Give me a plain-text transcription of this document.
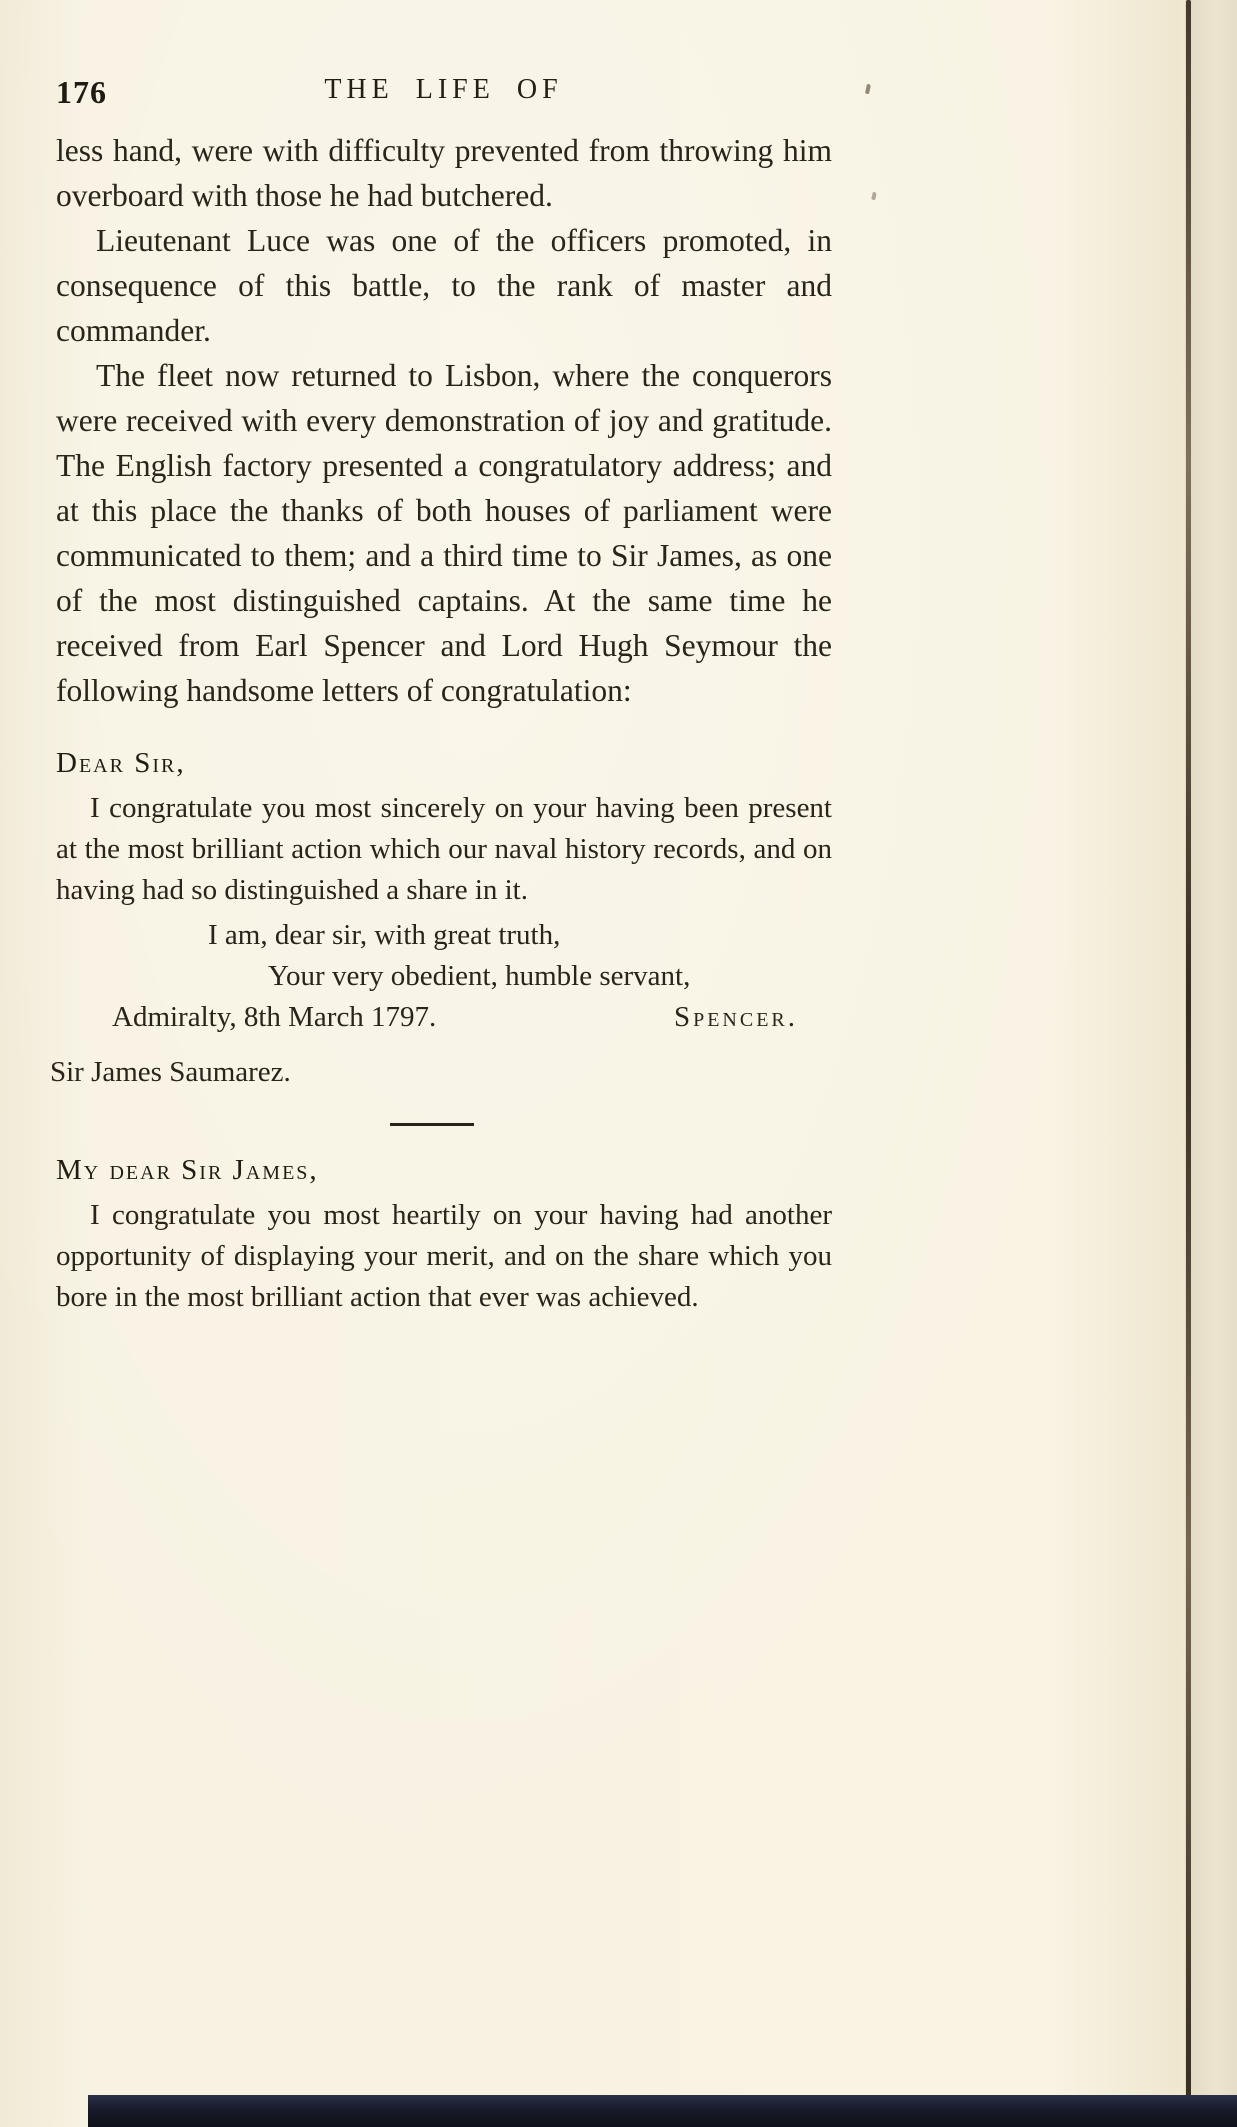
THE LIFE OF
176

less hand, were with difficulty prevented from throwing him overboard with those he had butchered.

Lieutenant Luce was one of the officers promoted, in consequence of this battle, to the rank of master and commander.

The fleet now returned to Lisbon, where the conquerors were received with every demonstration of joy and gratitude. The English factory presented a congratulatory address; and at this place the thanks of both houses of parliament were communicated to them; and a third time to Sir James, as one of the most distinguished captains. At the same time he received from Earl Spencer and Lord Hugh Seymour the following handsome letters of congratulation:

Dear Sir,

I congratulate you most sincerely on your having been present at the most brilliant action which our naval history records, and on having had so distinguished a share in it.

I am, dear sir, with great truth,
Your very obedient, humble servant,
Admiralty, 8th March 1797.	Spencer.
Sir James Saumarez.
My dear Sir James,

I congratulate you most heartily on your having had another opportunity of displaying your merit, and on the share which you bore in the most brilliant action that ever was achieved.
